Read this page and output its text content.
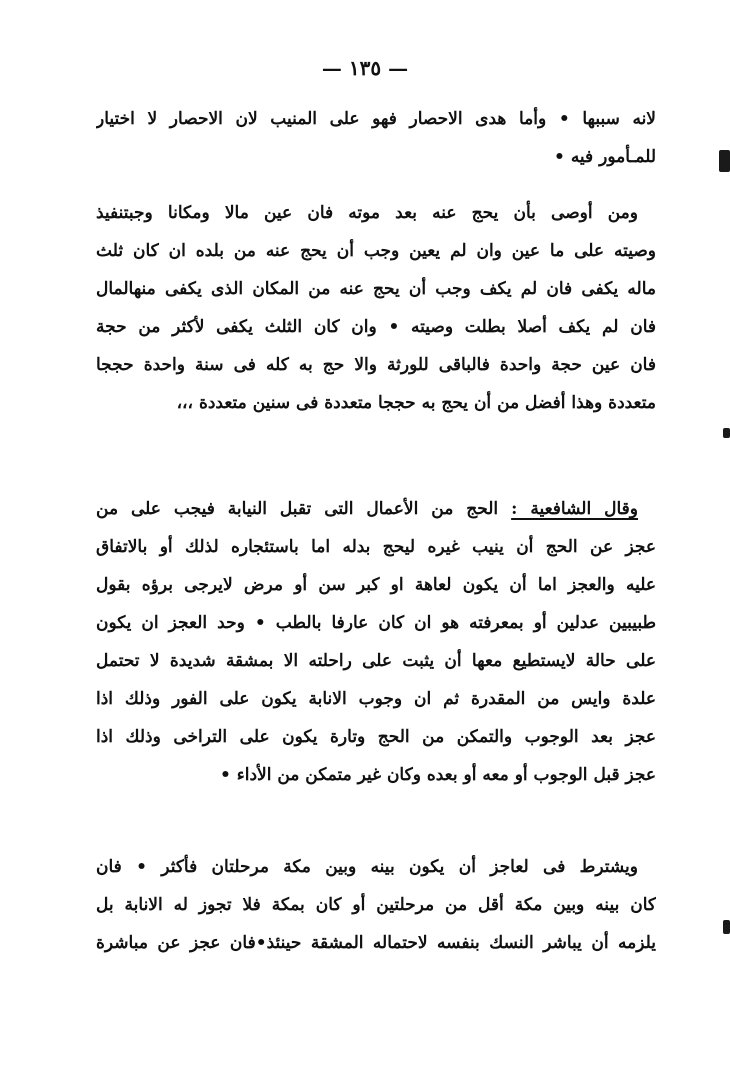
— ١٣٥ —
لانه سببها • وأما هدى الاحصار فهو على المنيب لان الاحصار لا اختيار
للمـأمور فيه •
ومن أوصى بأن يحج عنه بعد موته فان عين مالا ومكانا وجبتنفيذ
وصيته على ما عين وان لم يعين وجب أن يحج عنه من بلده ان كان ثلث
ماله يكفى فان لم يكف وجب أن يحج عنه من المكان الذى يكفى منهالمال
فان لم يكف أصلا بطلت وصيته • وان كان الثلث يكفى لأكثر من حجة
فان عين حجة واحدة فالباقى للورثة والا حج به كله فى سنة واحدة حججا
متعددة وهذا أفضل من أن يحج به حججا متعددة فى سنين متعددة ،،،
وقال الشافعية : الحج من الأعمال التى تقبل النيابة فيجب على من
عجز عن الحج أن ينيب غيره ليحج بدله اما باستئجاره لذلك أو بالاتفاق
عليه والعجز اما أن يكون لعاهة او كبر سن أو مرض لايرجى برؤه بقول
طبيبين عدلين أو بمعرفته هو ان كان عارفا بالطب • وحد العجز ان يكون
على حالة لايستطيع معها أن يثبت على راحلته الا بمشقة شديدة لا تحتمل
علدة وايس من المقدرة ثم ان وجوب الانابة يكون على الفور وذلك اذا
عجز بعد الوجوب والتمكن من الحج وتارة يكون على التراخى وذلك اذا
عجز قبل الوجوب أو معه أو بعده وكان غير متمكن من الأداء •
ويشترط فى لعاجز أن يكون بينه وبين مكة مرحلتان فأكثر • فان
كان بينه وبين مكة أقل من مرحلتين أو كان بمكة فلا تجوز له الانابة بل
يلزمه أن يباشر النسك بنفسه لاحتماله المشقة حينئذ•فان عجز عن مباشرة
